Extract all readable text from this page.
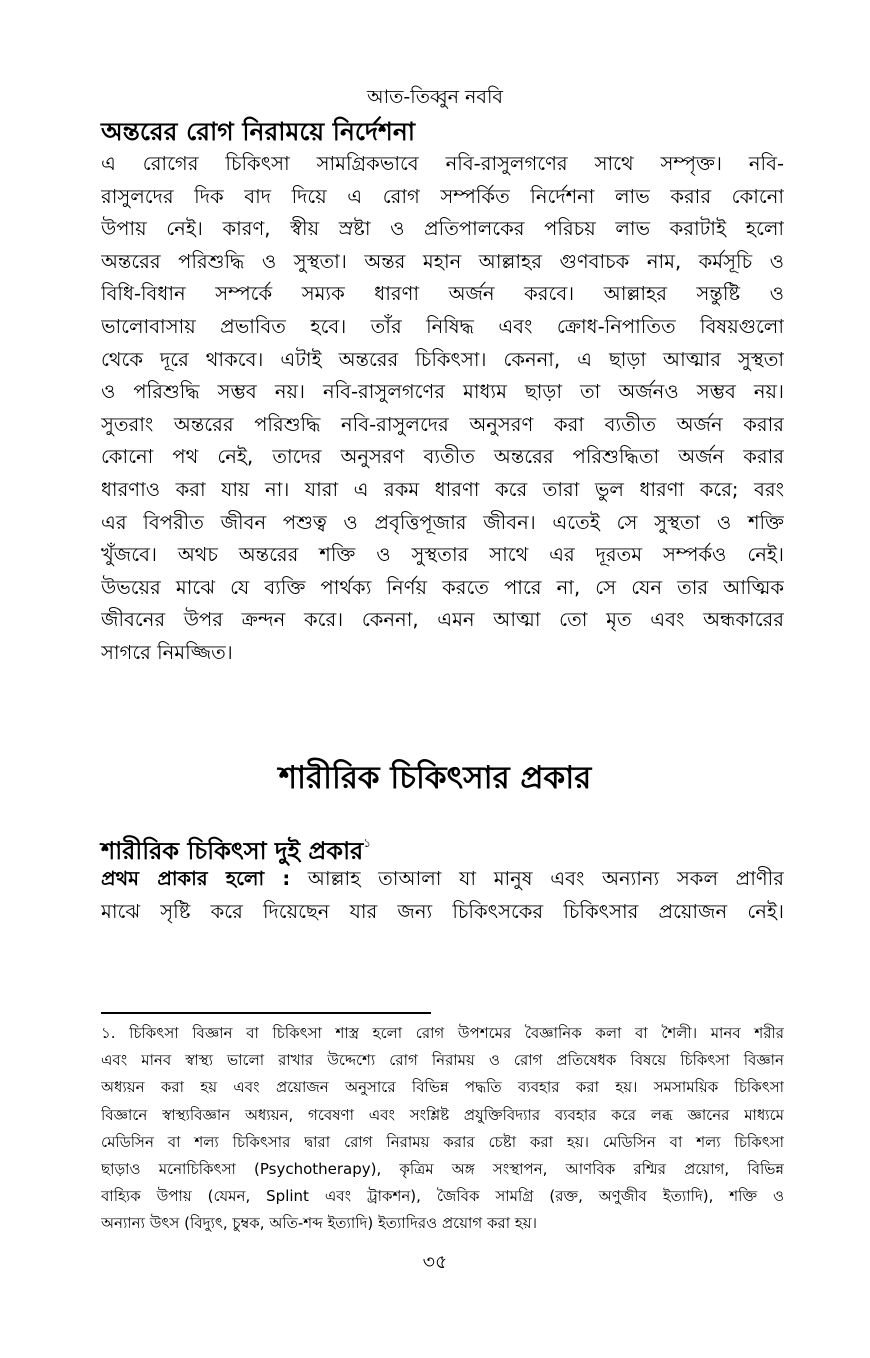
আত-তিব্বুন নববি
অন্তরের রোগ নিরাময়ে নির্দেশনা
এ রোগের চিকিৎসা সামগ্রিকভাবে নবি-রাসুলগণের সাথে সম্পৃক্ত। নবি-
রাসুলদের দিক বাদ দিয়ে এ রোগ সম্পর্কিত নির্দেশনা লাভ করার কোনো
উপায় নেই। কারণ, স্বীয় স্রষ্টা ও প্রতিপালকের পরিচয় লাভ করাটাই হলো
অন্তরের পরিশুদ্ধি ও সুস্থতা। অন্তর মহান আল্লাহর গুণবাচক নাম, কর্মসূচি ও
বিধি-বিধান সম্পর্কে সম্যক ধারণা অর্জন করবে। আল্লাহর সন্তুষ্টি ও
ভালোবাসায় প্রভাবিত হবে। তাঁর নিষিদ্ধ এবং ক্রোধ-নিপাতিত বিষয়গুলো
থেকে দূরে থাকবে। এটাই অন্তরের চিকিৎসা। কেননা, এ ছাড়া আত্মার সুস্থতা
ও পরিশুদ্ধি সম্ভব নয়। নবি-রাসুলগণের মাধ্যম ছাড়া তা অর্জনও সম্ভব নয়।
সুতরাং অন্তরের পরিশুদ্ধি নবি-রাসুলদের অনুসরণ করা ব্যতীত অর্জন করার
কোনো পথ নেই, তাদের অনুসরণ ব্যতীত অন্তরের পরিশুদ্ধিতা অর্জন করার
ধারণাও করা যায় না। যারা এ রকম ধারণা করে তারা ভুল ধারণা করে; বরং
এর বিপরীত জীবন পশুত্ব ও প্রবৃত্তিপূজার জীবন। এতেই সে সুস্থতা ও শক্তি
খুঁজবে। অথচ অন্তরের শক্তি ও সুস্থতার সাথে এর দূরতম সম্পর্কও নেই।
উভয়ের মাঝে যে ব্যক্তি পার্থক্য নির্ণয় করতে পারে না, সে যেন তার আত্মিক
জীবনের উপর ক্রন্দন করে। কেননা, এমন আত্মা তো মৃত এবং অন্ধকারের
সাগরে নিমজ্জিত।
শারীরিক চিকিৎসার প্রকার
শারীরিক চিকিৎসা দুই প্রকার$^১$
প্রথম প্রাকার হলো : আল্লাহ তাআলা যা মানুষ এবং অন্যান্য সকল প্রাণীর
মাঝে সৃষ্টি করে দিয়েছেন যার জন্য চিকিৎসকের চিকিৎসার প্রয়োজন নেই।
১. চিকিৎসা বিজ্ঞান বা চিকিৎসা শাস্ত্র হলো রোগ উপশমের বৈজ্ঞানিক কলা বা শৈলী। মানব শরীর
এবং মানব স্বাস্থ্য ভালো রাখার উদ্দেশ্যে রোগ নিরাময় ও রোগ প্রতিষেধক বিষয়ে চিকিৎসা বিজ্ঞান
অধ্যয়ন করা হয় এবং প্রয়োজন অনুসারে বিভিন্ন পদ্ধতি ব্যবহার করা হয়। সমসাময়িক চিকিৎসা
বিজ্ঞানে স্বাস্থ্যবিজ্ঞান অধ্যয়ন, গবেষণা এবং সংশ্লিষ্ট প্রযুক্তিবিদ্যার ব্যবহার করে লব্ধ জ্ঞানের মাধ্যমে
মেডিসিন বা শল্য চিকিৎসার দ্বারা রোগ নিরাময় করার চেষ্টা করা হয়। মেডিসিন বা শল্য চিকিৎসা
ছাড়াও মনোচিকিৎসা (Psychotherapy), কৃত্রিম অঙ্গ সংস্থাপন, আণবিক রশ্মির প্রয়োগ, বিভিন্ন
বাহ্যিক উপায় (যেমন, Splint এবং ট্রাকশন), জৈবিক সামগ্রি (রক্ত, অণুজীব ইত্যাদি), শক্তি ও
অন্যান্য উৎস (বিদ্যুৎ, চুম্বক, অতি-শব্দ ইত্যাদি) ইত্যাদিরও প্রয়োগ করা হয়।
৩৫
